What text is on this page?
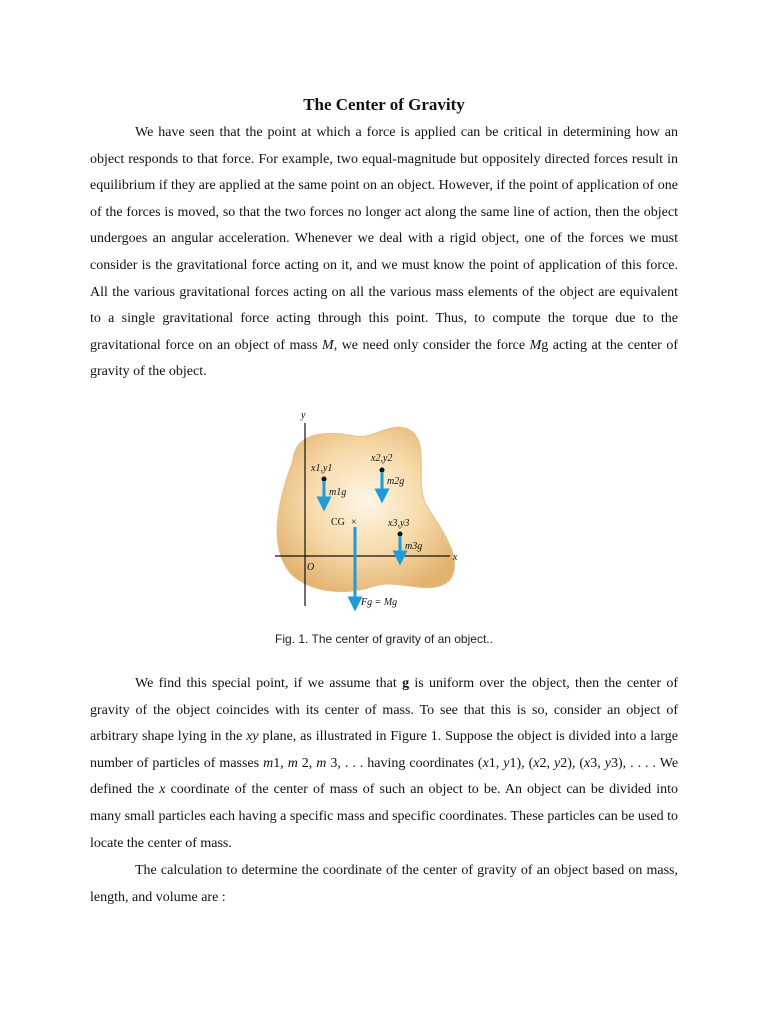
The Center of Gravity

We have seen that the point at which a force is applied can be critical in determining how an object responds to that force. For example, two equal-magnitude but oppositely directed forces result in equilibrium if they are applied at the same point on an object. However, if the point of application of one of the forces is moved, so that the two forces no longer act along the same line of action, then the object undergoes an angular acceleration. Whenever we deal with a rigid object, one of the forces we must consider is the gravitational force acting on it, and we must know the point of application of this force. All the various gravitational forces acting on all the various mass elements of the object are equivalent to a single gravitational force acting through this point. Thus, to compute the torque due to the gravitational force on an object of mass M, we need only consider the force Mg acting at the center of gravity of the object.

y
x
O
x1,y1
m1g
x2,y2
m2g
CG ×
Fg = Mg
x3,y3
m3g
Fig. 1. The center of gravity of an object..

We find this special point, if we assume that g is uniform over the object, then the center of gravity of the object coincides with its center of mass. To see that this is so, consider an object of arbitrary shape lying in the xy plane, as illustrated in Figure 1. Suppose the object is divided into a large number of particles of masses m1, m 2, m 3, . . . having coordinates (x1, y1), (x2, y2), (x3, y3), . . . . We defined the x coordinate of the center of mass of such an object to be. An object can be divided into many small particles each having a specific mass and specific coordinates. These particles can be used to locate the center of mass.

The calculation to determine the coordinate of the center of gravity of an object based on mass, length, and volume are :
